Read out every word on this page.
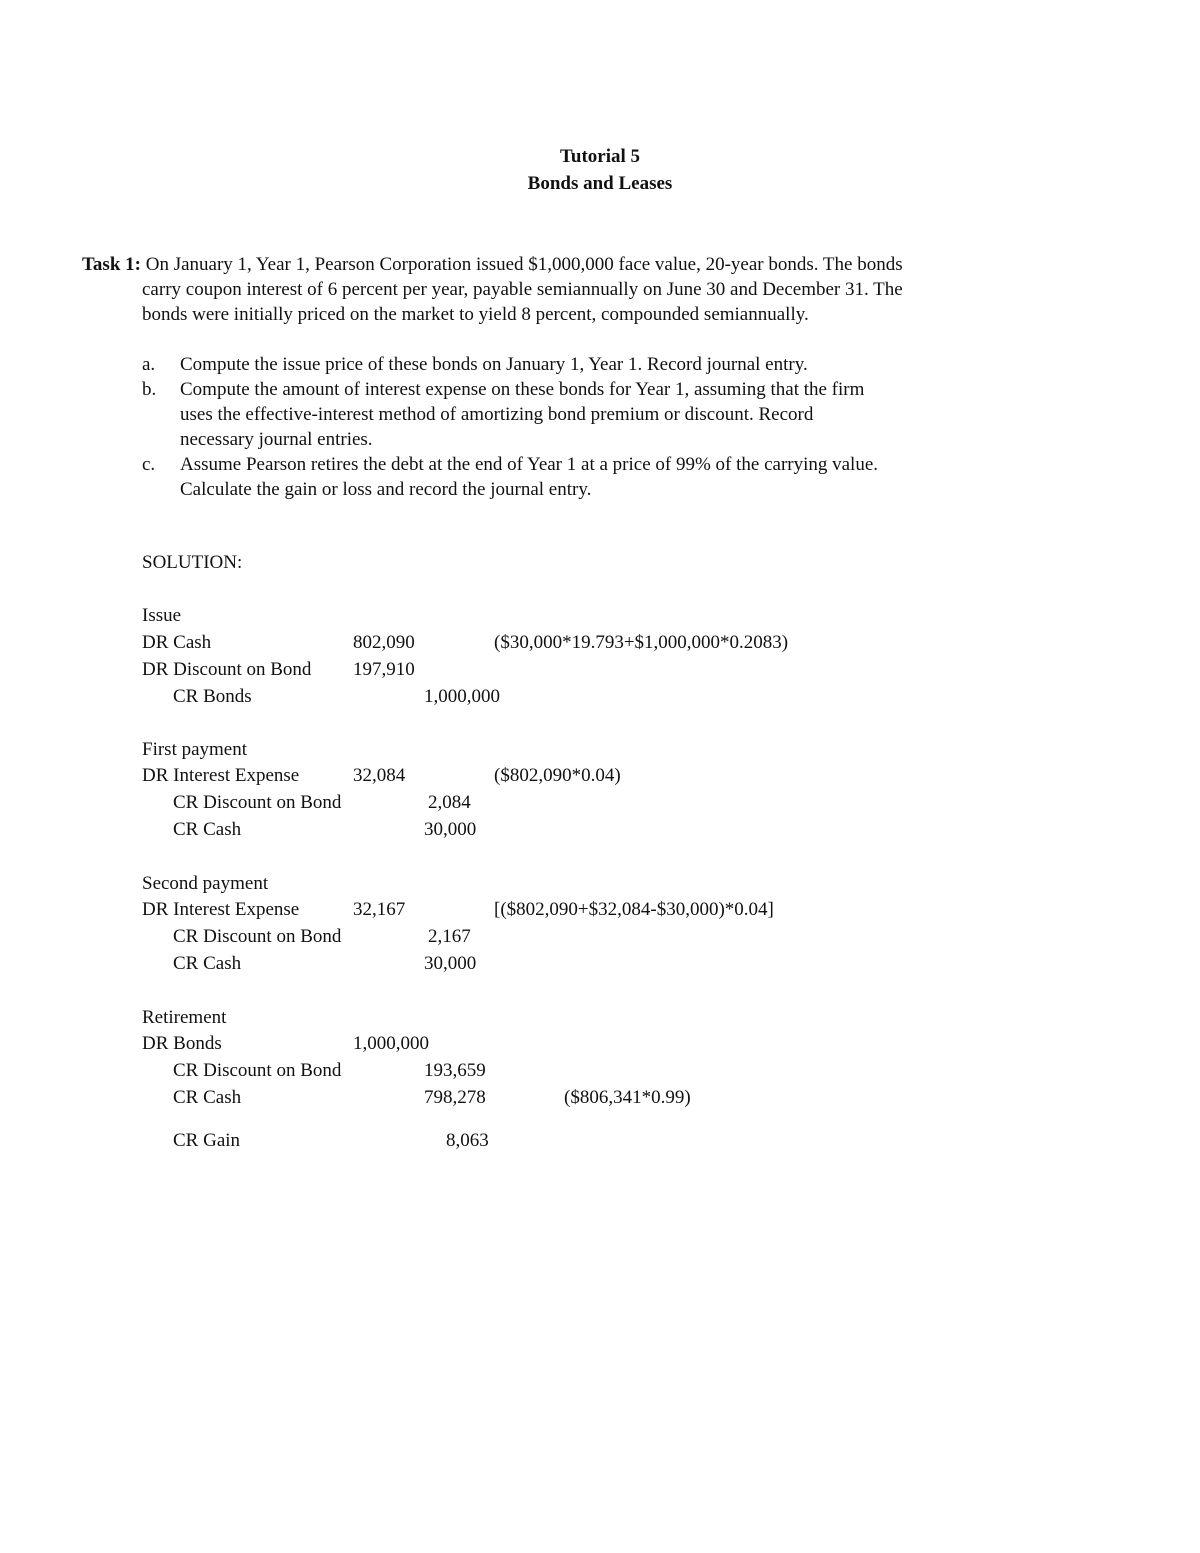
Tutorial 5
Bonds and Leases
Task 1: On January 1, Year 1, Pearson Corporation issued $1,000,000 face value, 20-year bonds. The bonds
carry coupon interest of 6 percent per year, payable semiannually on June 30 and December 31. The
bonds were initially priced on the market to yield 8 percent, compounded semiannually.
a. Compute the issue price of these bonds on January 1, Year 1. Record journal entry.
b. Compute the amount of interest expense on these bonds for Year 1, assuming that the firm
uses the effective-interest method of amortizing bond premium or discount. Record
necessary journal entries.
c. Assume Pearson retires the debt at the end of Year 1 at a price of 99% of the carrying value.
Calculate the gain or loss and record the journal entry.
SOLUTION:
Issue
DR Cash	802,090	($30,000*19.793+$1,000,000*0.2083)
DR Discount on Bond 197,910
CR Bonds	1,000,000
First payment
DR Interest Expense	32,084	($802,090*0.04)
CR Discount on Bond	2,084
CR Cash	30,000
Second payment
DR Interest Expense	32,167	[($802,090+$32,084-$30,000)*0.04]
CR Discount on Bond	2,167
CR Cash	30,000
Retirement
DR Bonds	1,000,000
CR Discount on Bond	193,659
CR Cash	798,278	($806,341*0.99)
CR Gain	8,063
